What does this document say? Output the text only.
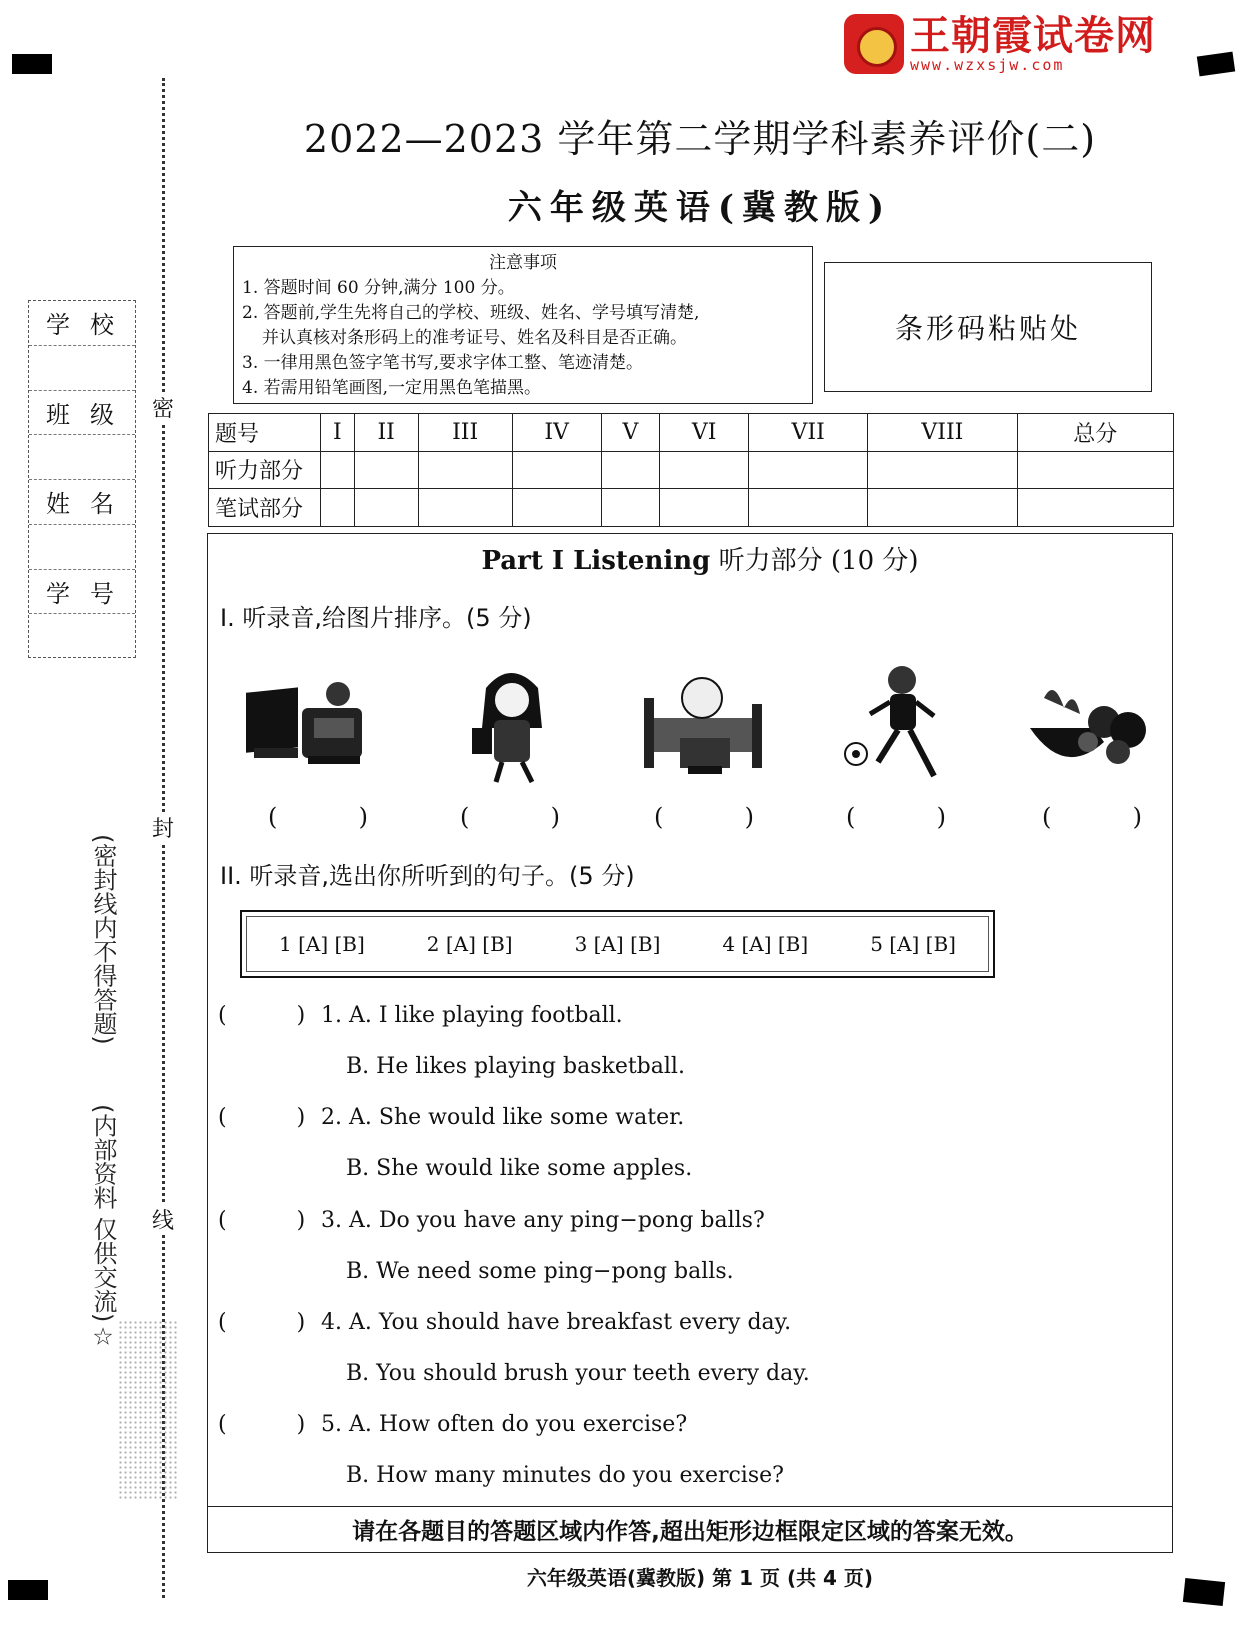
王朝霞试卷网
www.wzxsjw.com
密
封
线
学校
班级
姓名
学号
(密封线内不得答题)
(内部资料 仅供交流)☆
2022—2023 学年第二学期学科素养评价(二)
六年级英语(冀教版)
注意事项

1. 答题时间 60 分钟,满分 100 分。

2. 答题前,学生先将自己的学校、班级、姓名、学号填写清楚,

并认真核对条形码上的准考证号、姓名及科目是否正确。

3. 一律用黑色签字笔书写,要求字体工整、笔迹清楚。

4. 若需用铅笔画图,一定用黑色笔描黑。

条形码粘贴处
题号	I	II	III	IV	V	VI	VII	VIII	总分
听力部分									
笔试部分									
Part I Listening 听力部分 (10 分)
I. 听录音,给图片排序。(5 分)
(	)	(	)	(	)	(	)	(	)
II. 听录音,选出你所听到的句子。(5 分)
1 [A] [B]	2 [A] [B]	3 [A] [B]	4 [A] [B]	5 [A] [B]
(	) 1. A. I like playing football.
B. He likes playing basketball.
(	) 2. A. She would like some water.
B. She would like some apples.
(	) 3. A. Do you have any ping−pong balls?
B. We need some ping−pong balls.
(	) 4. A. You should have breakfast every day.
B. You should brush your teeth every day.
(	) 5. A. How often do you exercise?
B. How many minutes do you exercise?
请在各题目的答题区域内作答,超出矩形边框限定区域的答案无效。
六年级英语(冀教版) 第 1 页 (共 4 页)
